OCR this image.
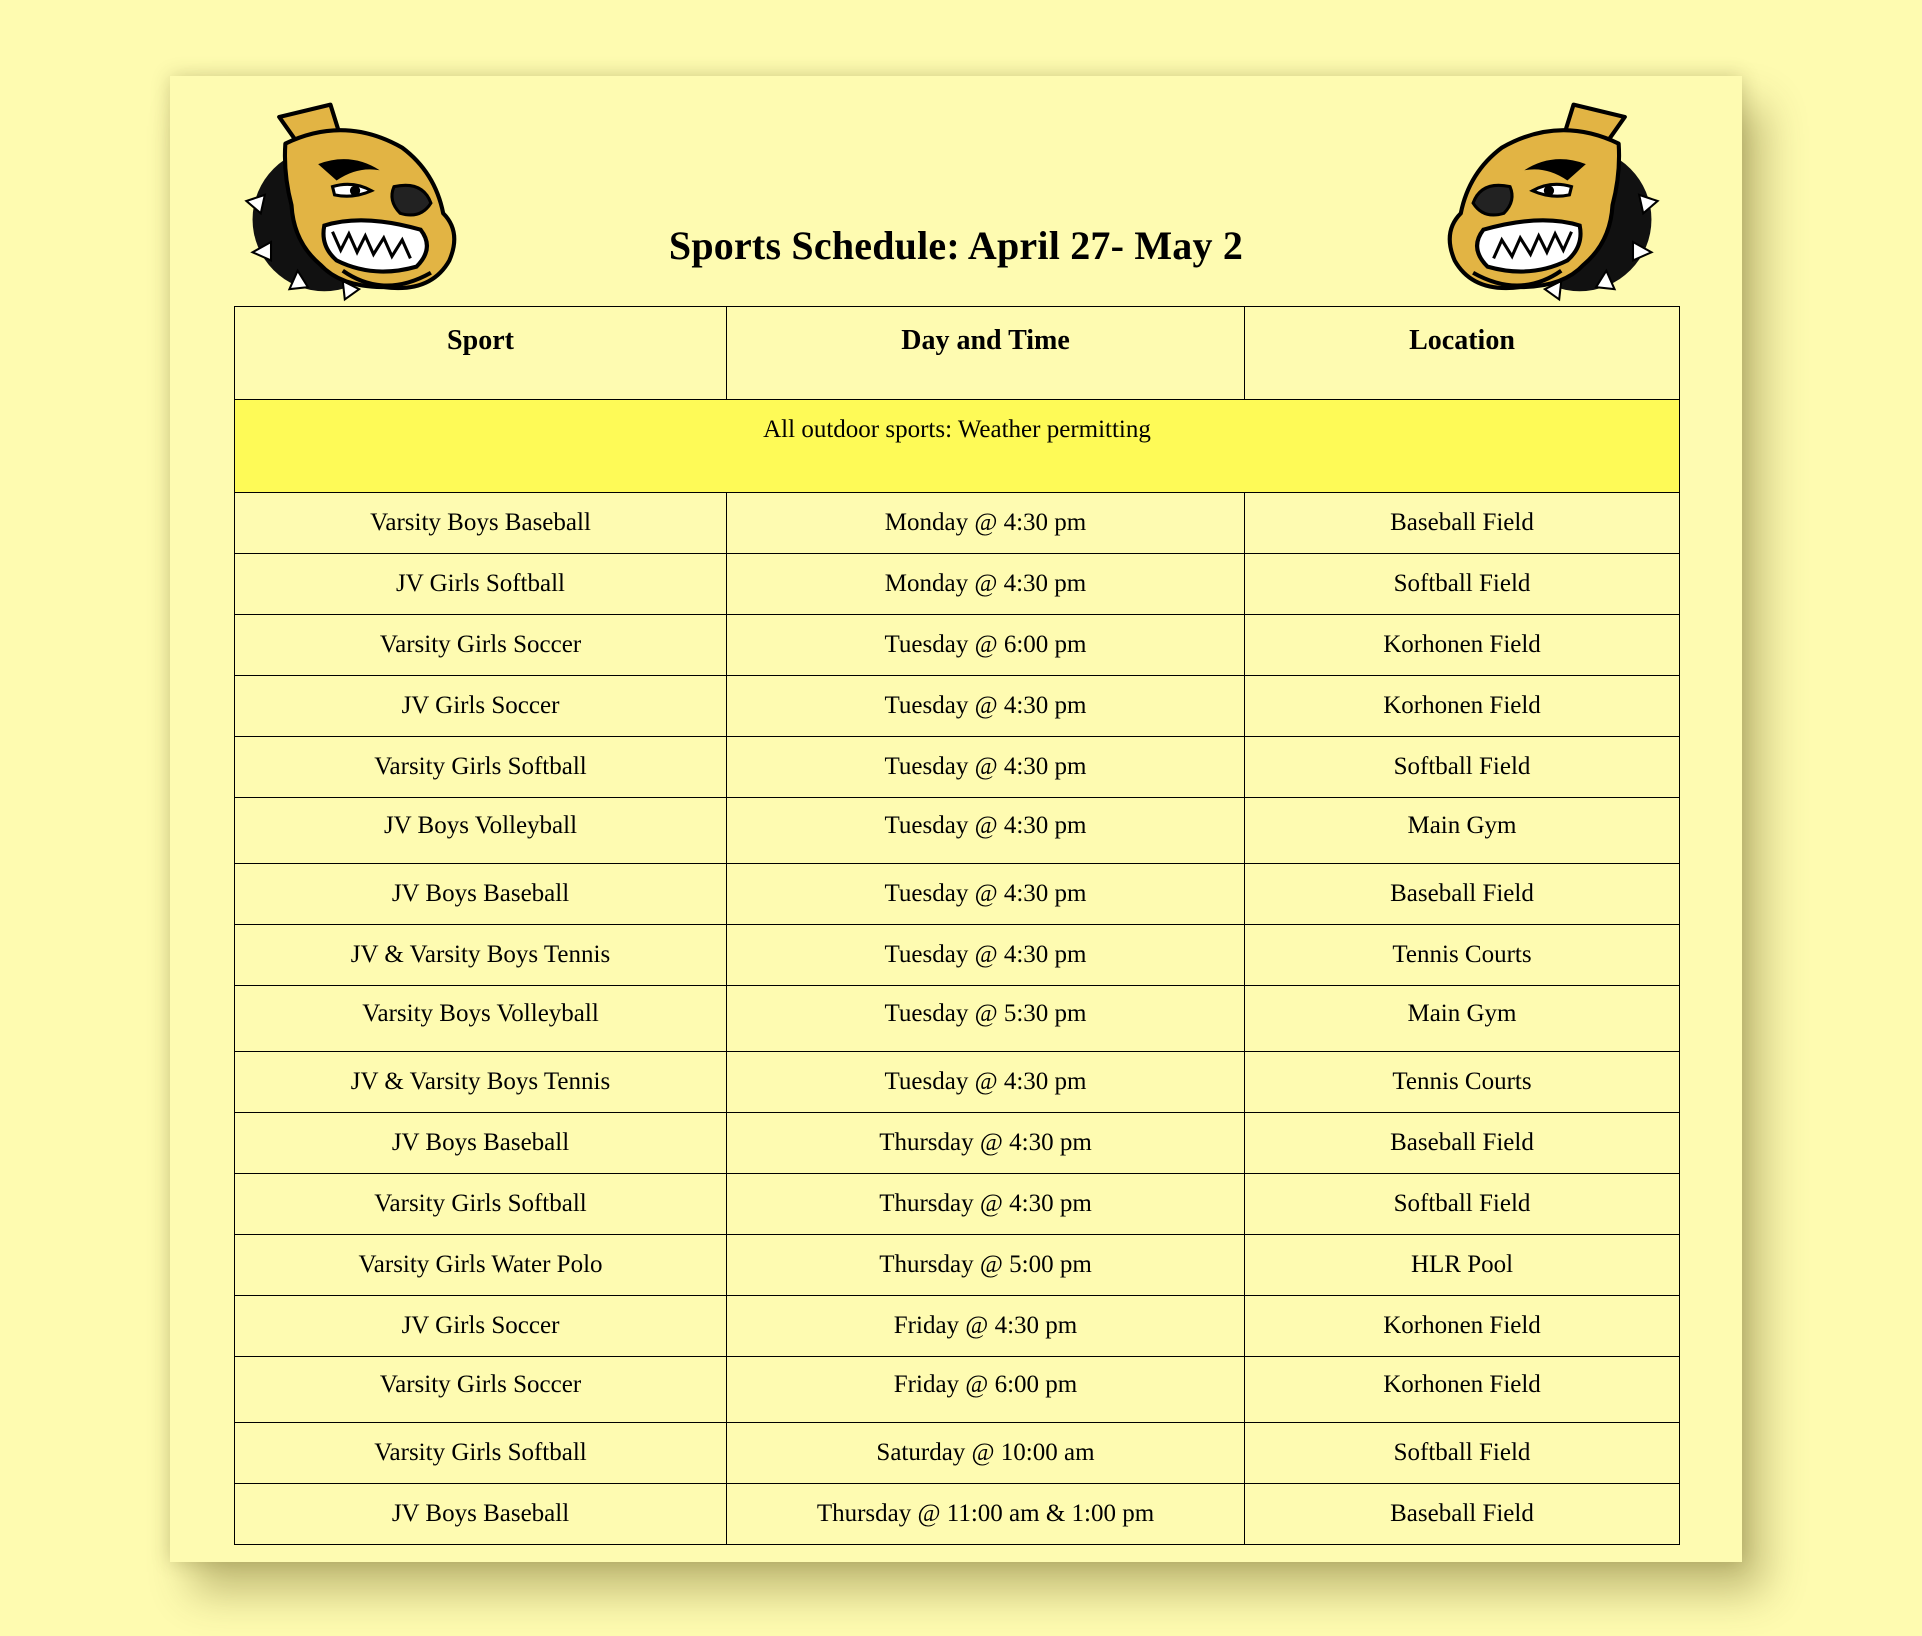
Sports Schedule: April 27- May 2
Sport	Day and Time	Location
All outdoor sports: Weather permitting		
Varsity Boys Baseball	Monday @ 4:30 pm	Baseball Field
JV Girls Softball	Monday @ 4:30 pm	Softball Field
Varsity Girls Soccer	Tuesday @ 6:00 pm	Korhonen Field
JV Girls Soccer	Tuesday @ 4:30 pm	Korhonen Field
Varsity Girls Softball	Tuesday @ 4:30 pm	Softball Field
JV Boys Volleyball	Tuesday @ 4:30 pm	Main Gym
JV Boys Baseball	Tuesday @ 4:30 pm	Baseball Field
JV & Varsity Boys Tennis	Tuesday @ 4:30 pm	Tennis Courts
Varsity Boys Volleyball	Tuesday @ 5:30 pm	Main Gym
JV & Varsity Boys Tennis	Tuesday @ 4:30 pm	Tennis Courts
JV Boys Baseball	Thursday @ 4:30 pm	Baseball Field
Varsity Girls Softball	Thursday @ 4:30 pm	Softball Field
Varsity Girls Water Polo	Thursday @ 5:00 pm	HLR Pool
JV Girls Soccer	Friday @ 4:30 pm	Korhonen Field
Varsity Girls Soccer	Friday @ 6:00 pm	Korhonen Field
Varsity Girls Softball	Saturday @ 10:00 am	Softball Field
JV Boys Baseball	Thursday @ 11:00 am & 1:00 pm	Baseball Field
